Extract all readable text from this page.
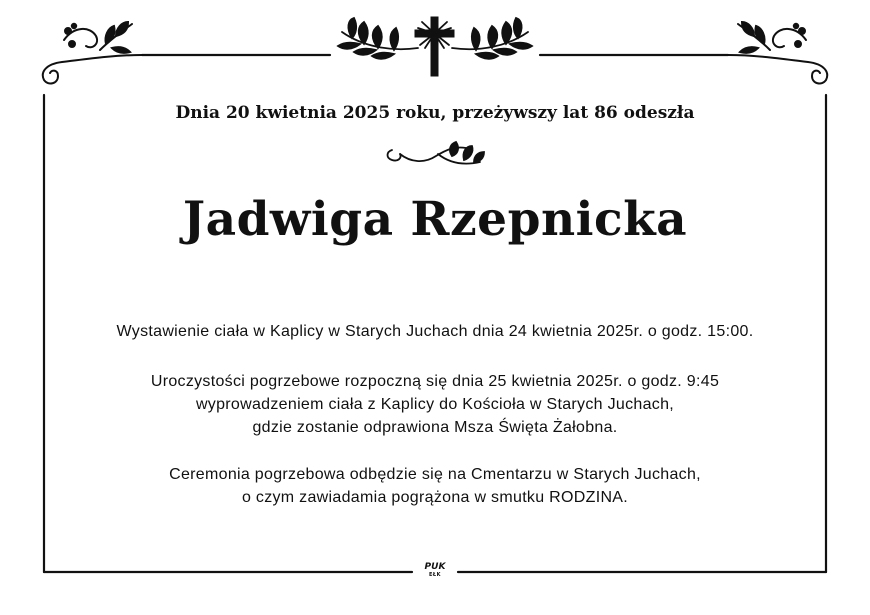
Dnia 20 kwietnia 2025 roku, przeżywszy lat 86 odeszła
Jadwiga Rzepnicka
Wystawienie ciała w Kaplicy w Starych Juchach dnia 24 kwietnia 2025r. o godz. 15:00.
Uroczystości pogrzebowe rozpoczną się dnia 25 kwietnia 2025r. o godz. 9:45
wyprowadzeniem ciała z Kaplicy do Kościoła w Starych Juchach,
gdzie zostanie odprawiona Msza Święta Żałobna.
Ceremonia pogrzebowa odbędzie się na Cmentarzu w Starych Juchach,
o czym zawiadamia pogrążona w smutku RODZINA.
PUK
EŁK
